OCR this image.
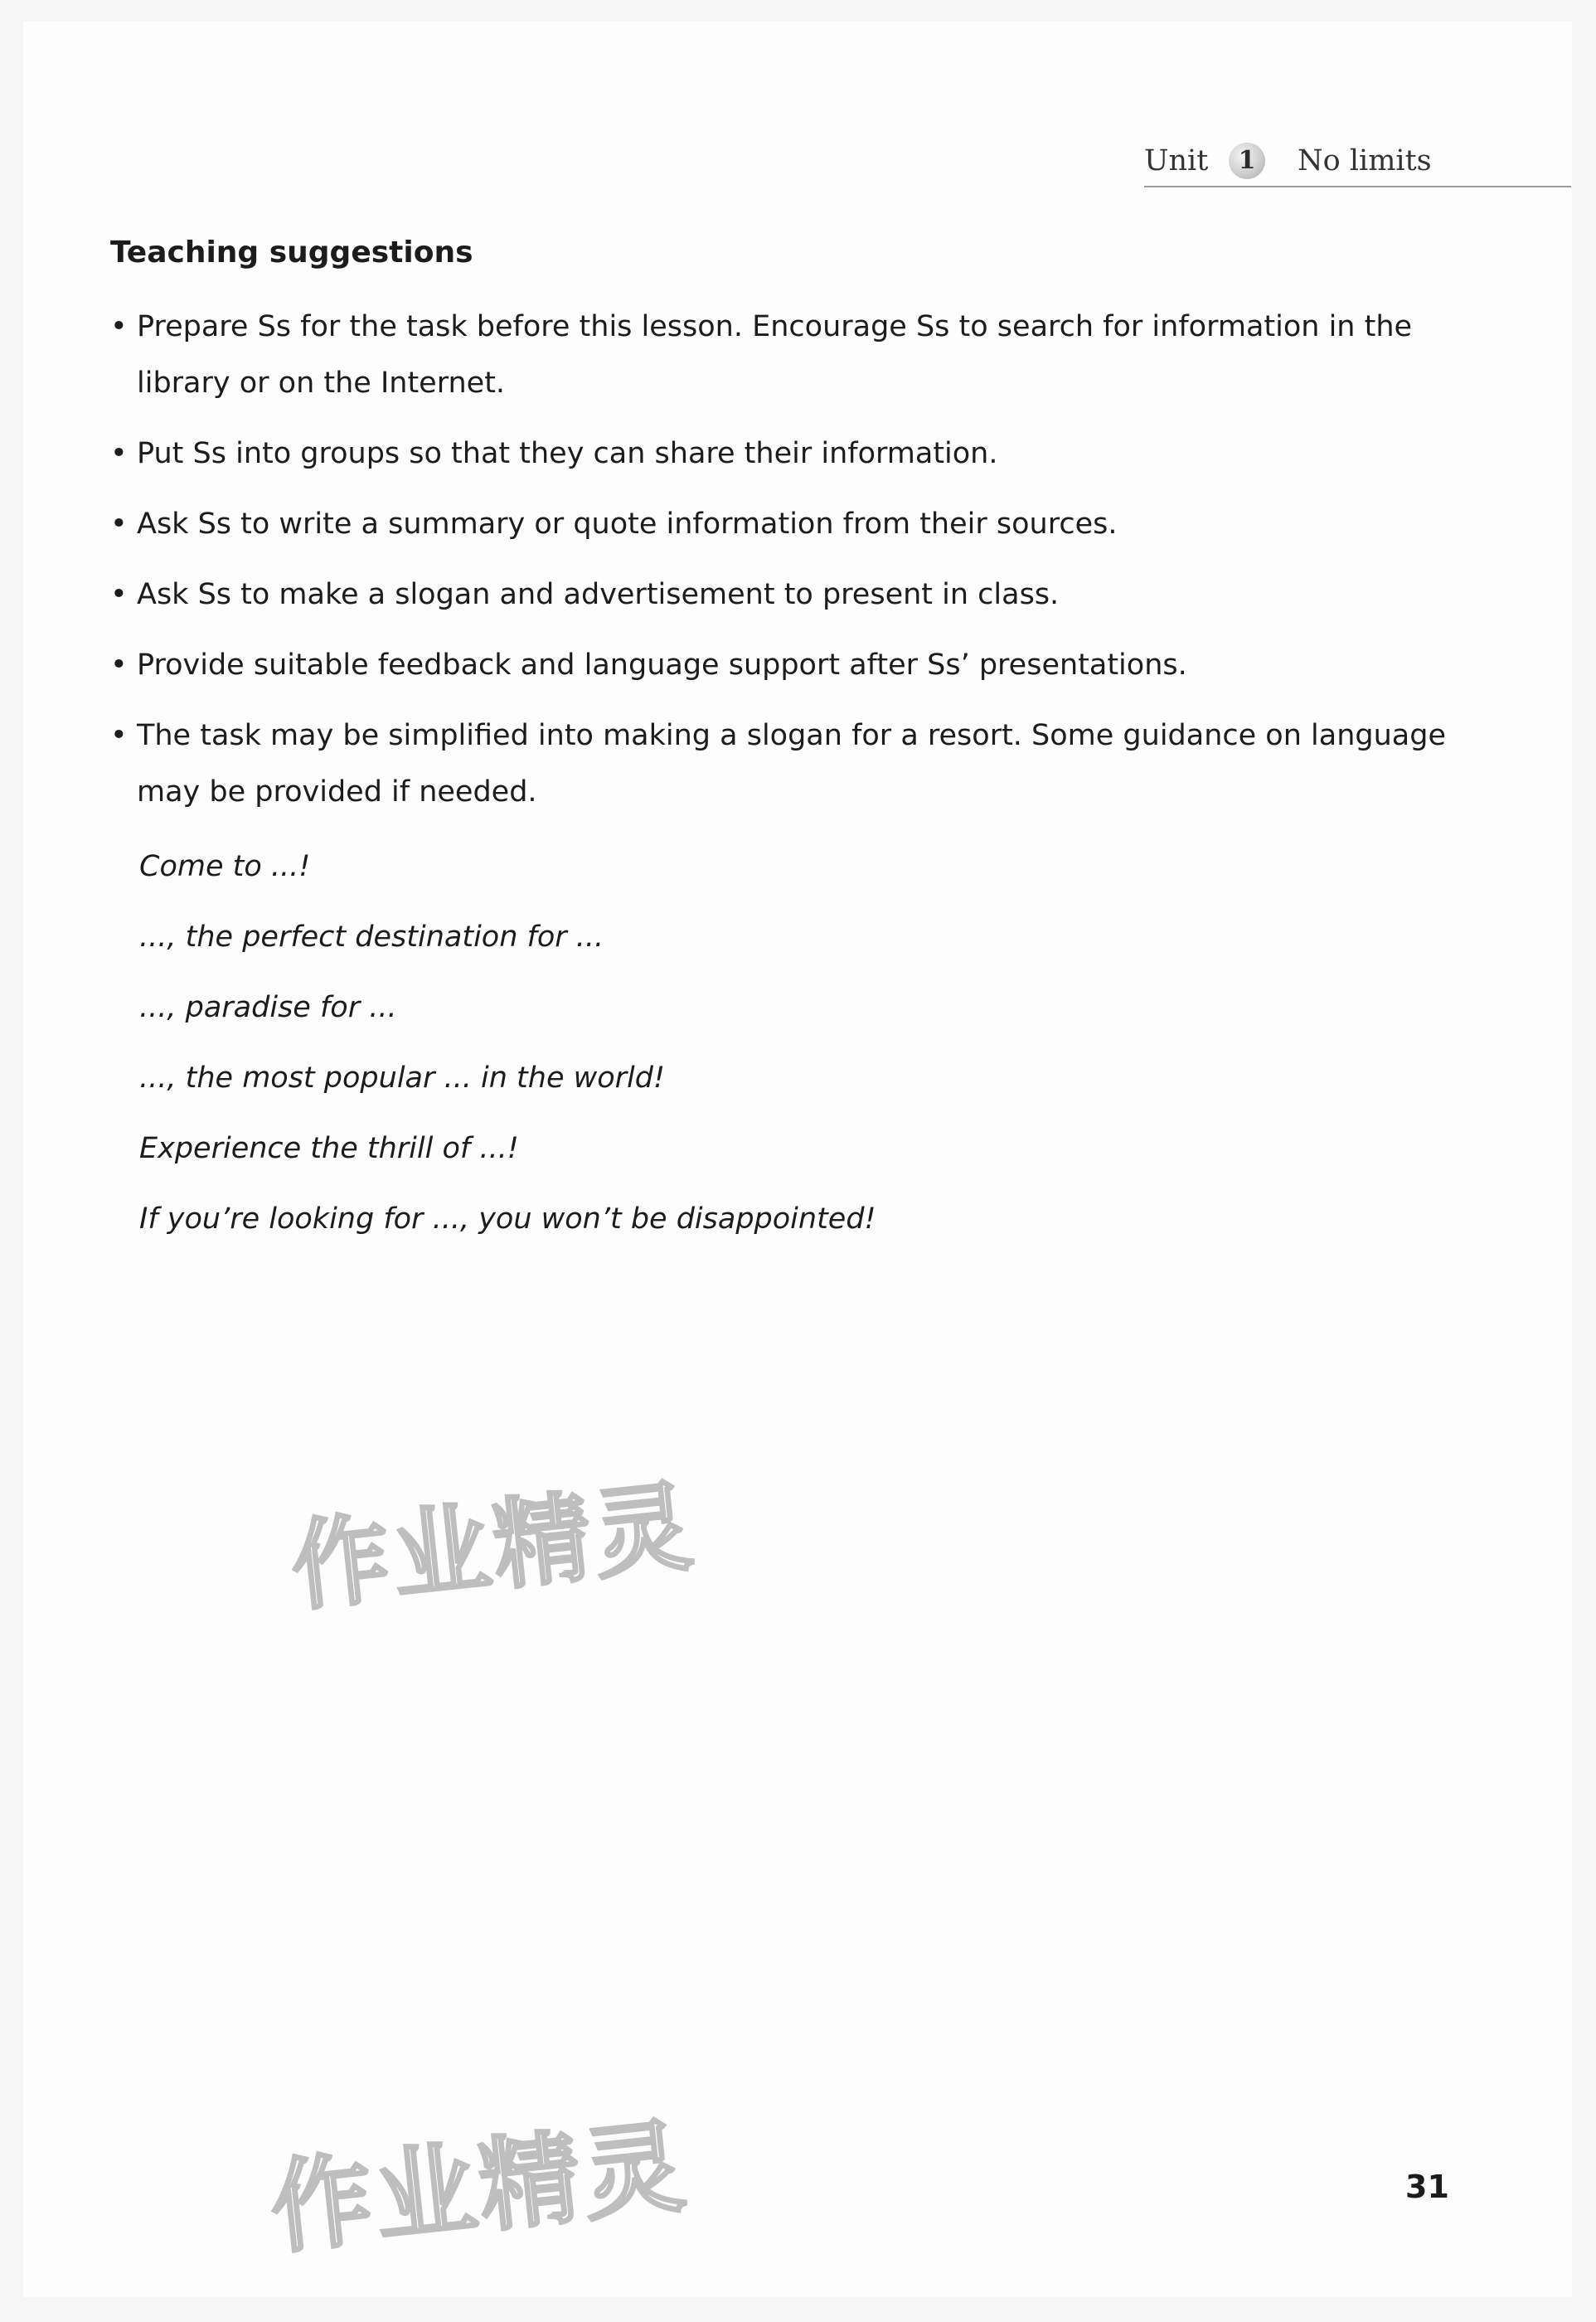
Unit	1	No limits
Teaching suggestions
• Prepare Ss for the task before this lesson. Encourage Ss to search for information in the library or on the Internet.
• Put Ss into groups so that they can share their information.
• Ask Ss to write a summary or quote information from their sources.
• Ask Ss to make a slogan and advertisement to present in class.
• Provide suitable feedback and language support after Ss’ presentations.
• The task may be simplified into making a slogan for a resort. Some guidance on language may be provided if needed.
Come to ...!
..., the perfect destination for ...
..., paradise for ...
..., the most popular ... in the world!
Experience the thrill of ...!
If you’re looking for ..., you won’t be disappointed!
作业精灵
作业精灵	31
